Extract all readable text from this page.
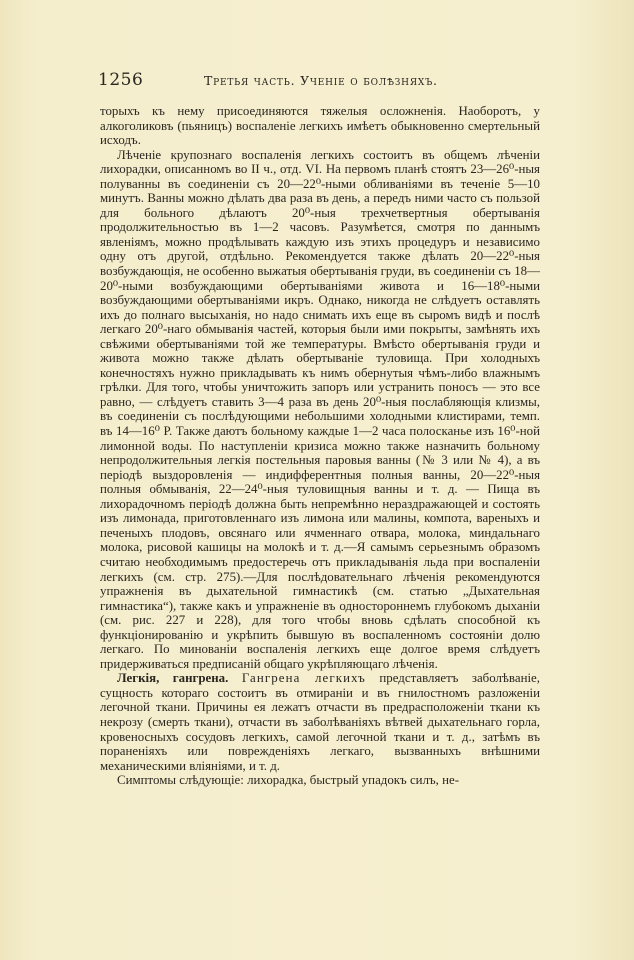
1256	Третья часть. Ученiе о болѣзняхъ.

торыхъ къ нему присоединяются тяжелыя осложненiя. Наоборотъ, у алкоголиковъ (пьяницъ) воспаленiе легкихъ имѣетъ обыкновенно смертельный исходъ.

Лѣченiе крупознаго воспаленiя легкихъ состоитъ въ общемъ лѣченiи лихорадки, описанномъ во II ч., отд. VI. На первомъ планѣ стоятъ 23—26⁰-ныя полуванны въ соединенiи съ 20—22⁰-ными обливанiями въ теченiе 5—10 минутъ. Ванны можно дѣлать два раза въ день, а передъ ними часто съ пользой для больного дѣлаютъ 20⁰-ныя трехчетвертныя обертыванiя продолжительностью въ 1—2 часовъ. Разумѣется, смотря по даннымъ явленiямъ, можно продѣлывать каждую изъ этихъ процедуръ и независимо одну отъ другой, отдѣльно. Рекомендуется также дѣлать 20—22⁰-ныя возбуждающiя, не особенно выжатыя обертыванiя груди, въ соединенiи съ 18—20⁰-ными возбуждающими обертыванiями живота и 16—18⁰-ными возбуждающими обертыванiями икръ. Однако, никогда не слѣдуетъ оставлять ихъ до полнаго высыханiя, но надо снимать ихъ еще въ сыромъ видѣ и послѣ легкаго 20⁰-наго обмыванiя частей, которыя были ими покрыты, замѣнять ихъ свѣжими обертыванiями той же температуры. Вмѣсто обертыванiя груди и живота можно также дѣлать обертыванiе туловища. При холодныхъ конечностяхъ нужно прикладывать къ нимъ обернутыя чѣмъ-либо влажнымъ грѣлки. Для того, чтобы уничтожить запоръ или устранить поносъ — это все равно, — слѣдуетъ ставить 3—4 раза въ день 20⁰-ныя послабляющiя клизмы, въ соединенiи съ послѣдующими небольшими холодными клистирами, темп. въ 14—16⁰ Р. Также даютъ больному каждые 1—2 часа полосканье изъ 16⁰-ной лимонной воды. По наступленiи кризиса можно также назначить больному непродолжительныя легкiя постельныя паровыя ванны (№ 3 или № 4), а въ перiодѣ выздоровленiя — индифферентныя полныя ванны, 20—22⁰-ныя полныя обмыванiя, 22—24⁰-ныя туловищныя ванны и т. д. — Пища въ лихорадочномъ перiодѣ должна быть непремѣнно нераздражающей и состоять изъ лимонада, приготовленнаго изъ лимона или малины, компота, вареныхъ и печеныхъ плодовъ, овсянаго или ячменнаго отвара, молока, миндальнаго молока, рисовой кашицы на молокѣ и т. д.—Я самымъ серьезнымъ образомъ считаю необходимымъ предостеречь отъ прикладыванiя льда при воспаленiи легкихъ (см. стр. 275).—Для послѣдовательнаго лѣченiя рекомендуются упражненiя въ дыхательной гимнастикѣ (см. статью „Дыхательная гимнастика“), также какъ и упражненiе въ одностороннемъ глубокомъ дыханiи (см. рис. 227 и 228), для того чтобы вновь сдѣлать способной къ функцiонированiю и укрѣпить бывшую въ воспаленномъ состоянiи долю легкаго. По минованiи воспаленiя легкихъ еще долгое время слѣдуетъ придерживаться предписанiй общаго укрѣпляющаго лѣченiя.

Легкiя, гангрена. Гангрена легкихъ представляетъ заболѣванiе, сущность котораго состоитъ въ отмиранiи и въ гнилостномъ разложенiи легочной ткани. Причины ея лежатъ отчасти въ предрасположенiи ткани къ некрозу (смерть ткани), отчасти въ заболѣванiяхъ вѣтвей дыхательнаго горла, кровеносныхъ сосудовъ легкихъ, самой легочной ткани и т. д., затѣмъ въ пораненiяхъ или поврежденiяхъ легкаго, вызванныхъ внѣшними механическими влiянiями, и т. д.

Симптомы слѣдующiе: лихорадка, быстрый упадокъ силъ, не-
